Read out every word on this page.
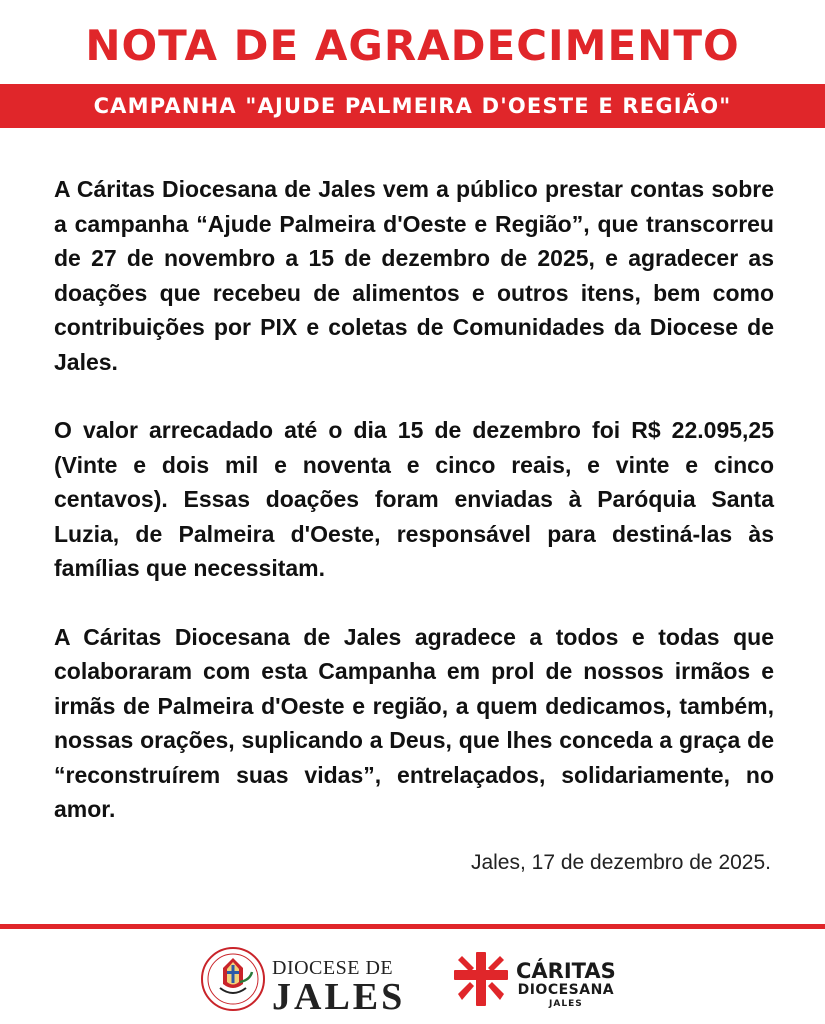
NOTA DE AGRADECIMENTO
CAMPANHA "AJUDE PALMEIRA D'OESTE E REGIÃO"

A Cáritas Diocesana de Jales vem a público prestar contas sobre a campanha “Ajude Palmeira d'Oeste e Região”, que transcorreu de 27 de novembro a 15 de dezembro de 2025, e agradecer as doações que recebeu de alimentos e outros itens, bem como contribuições por PIX e coletas de Comunidades da Diocese de Jales.

O valor arrecadado até o dia 15 de dezembro foi R$ 22.095,25 (Vinte e dois mil e noventa e cinco reais, e vinte e cinco centavos). Essas doações foram enviadas à Paróquia Santa Luzia, de Palmeira d'Oeste, responsável para destiná-las às famílias que necessitam.

A Cáritas Diocesana de Jales agradece a todos e todas que colaboraram com esta Campanha em prol de nossos irmãos e irmãs de Palmeira d'Oeste e região, a quem dedicamos, também, nossas orações, suplicando a Deus, que lhes conceda a graça de “reconstruírem suas vidas”, entrelaçados, solidariamente, no amor.

Jales, 17 de dezembro de 2025.
DIOCESE DE
JALES
CÁRITAS
DIOCESANA
JALES
